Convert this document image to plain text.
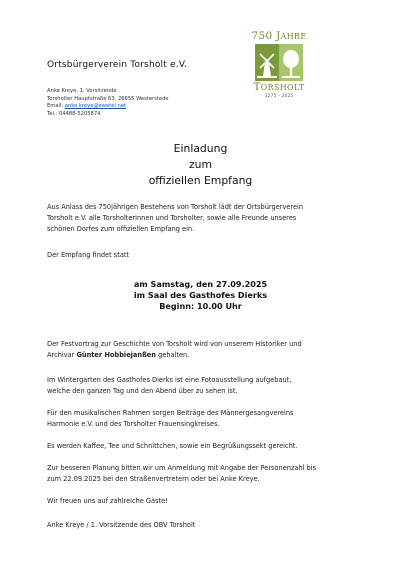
Ortsbürgerverein Torsholt e.V.
Anke Kreye, 1. Vorsitzende
Torsholter Hauptstraße 63, 26655 Westerstede
Email: anke.kreye@ewetel.net
Tel.: 04488-5205874
750 JAHRE
TORSHOLT
1275 – 2025
Einladung
zum
offiziellen Empfang
Aus Anlass des 750jährigen Bestehens von Torsholt lädt der Ortsbürgerverein
Torsholt e.V. alle Torsholterinnen und Torsholter, sowie alle Freunde unseres
schönen Dorfes zum offiziellen Empfang ein.
Der Empfang findet statt
am Samstag, den 27.09.2025
im Saal des Gasthofes Dierks
Beginn: 10.00 Uhr
Der Festvortrag zur Geschichte von Torsholt wird von unserem Historiker und
Archivar Günter Hobbiejanßen gehalten.
Im Wintergarten des Gasthofes Dierks ist eine Fotoausstellung aufgebaut,
welche den ganzen Tag und den Abend über zu sehen ist.
Für den musikalischen Rahmen sorgen Beiträge des Männergesangvereins
Harmonie e.V. und des Torsholter Frauensingkreises.
Es werden Kaffee, Tee und Schnittchen, sowie ein Begrüßungssekt gereicht.
Zur besseren Planung bitten wir um Anmeldung mit Angabe der Personenzahl bis
zum 22.09.2025 bei den Straßenvertretern oder bei Anke Kreye.
Wir freuen uns auf zahlreiche Gäste!
Anke Kreye / 1. Vorsitzende des OBV Torsholt
